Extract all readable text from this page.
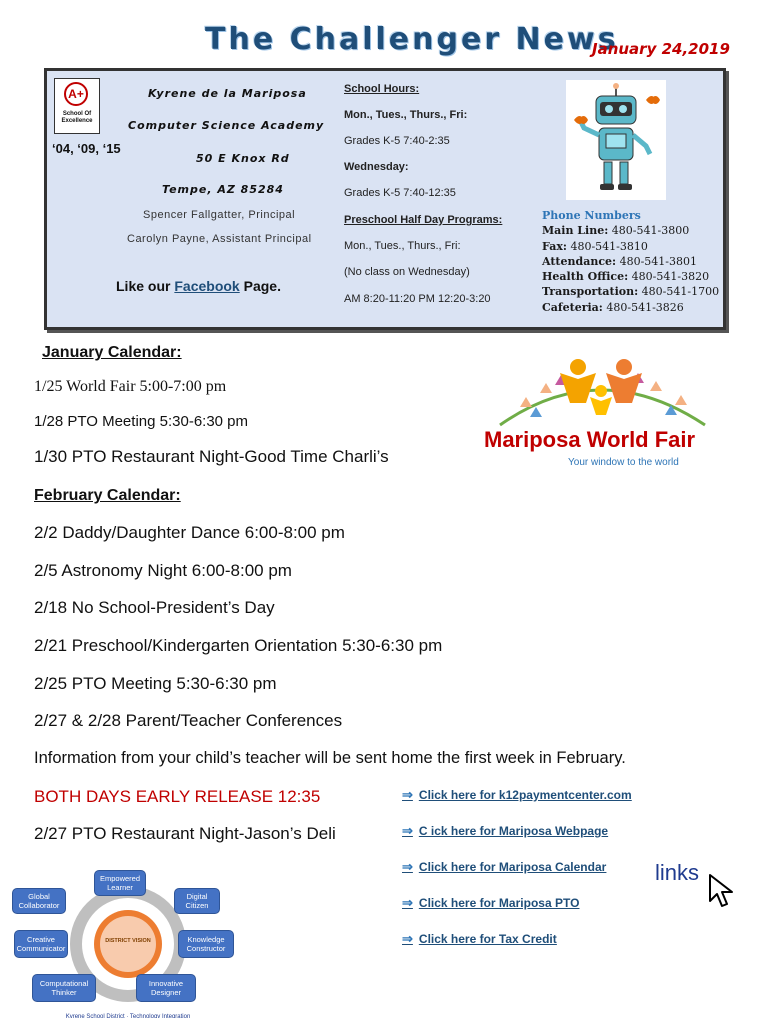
The Challenger News
January 24,2019
A+
School Of Excellence
‘04, ‘09, ‘15
Kyrene de la Mariposa
Computer Science Academy
50 E Knox Rd
Tempe, AZ 85284
Spencer Fallgatter, Principal
Carolyn Payne, Assistant Principal
Like our Facebook Page.
School Hours:
Mon., Tues., Thurs., Fri:
Grades K-5 7:40-2:35
Wednesday:
Grades K-5 7:40-12:35
Preschool Half Day Programs:
Mon., Tues., Thurs., Fri:
(No class on Wednesday)
AM 8:20-11:20 PM 12:20-3:20
Phone Numbers
Main Line: 480-541-3800
Fax: 480-541-3810
Attendance: 480-541-3801
Health Office: 480-541-3820
Transportation: 480-541-1700
Cafeteria: 480-541-3826
January Calendar:
1/25 World Fair 5:00-7:00 pm
1/28 PTO Meeting 5:30-6:30 pm
1/30 PTO Restaurant Night-Good Time Charli’s
Mariposa World Fair
Your window to the world
February Calendar:
2/2 Daddy/Daughter Dance 6:00-8:00 pm
2/5 Astronomy Night 6:00-8:00 pm
2/18 No School-President’s Day
2/21 Preschool/Kindergarten Orientation 5:30-6:30 pm
2/25 PTO Meeting 5:30-6:30 pm
2/27 & 2/28 Parent/Teacher Conferences
Information from your child’s teacher will be sent home the first week in February.
BOTH DAYS EARLY RELEASE 12:35
2/27 PTO Restaurant Night-Jason’s Deli
⇒ Click here for k12paymentcenter.com
⇒ C ick here for Mariposa Webpage
⇒ Click here for Mariposa Calendar
⇒ Click here for Mariposa PTO
⇒ Click here for Tax Credit
links
DISTRICT VISION
Kyrene School District · Technology Integration
Empowered Learner
Global Collaborator
Digital Citizen
Creative Communicator
Knowledge Constructor
Computational Thinker
Innovative Designer
